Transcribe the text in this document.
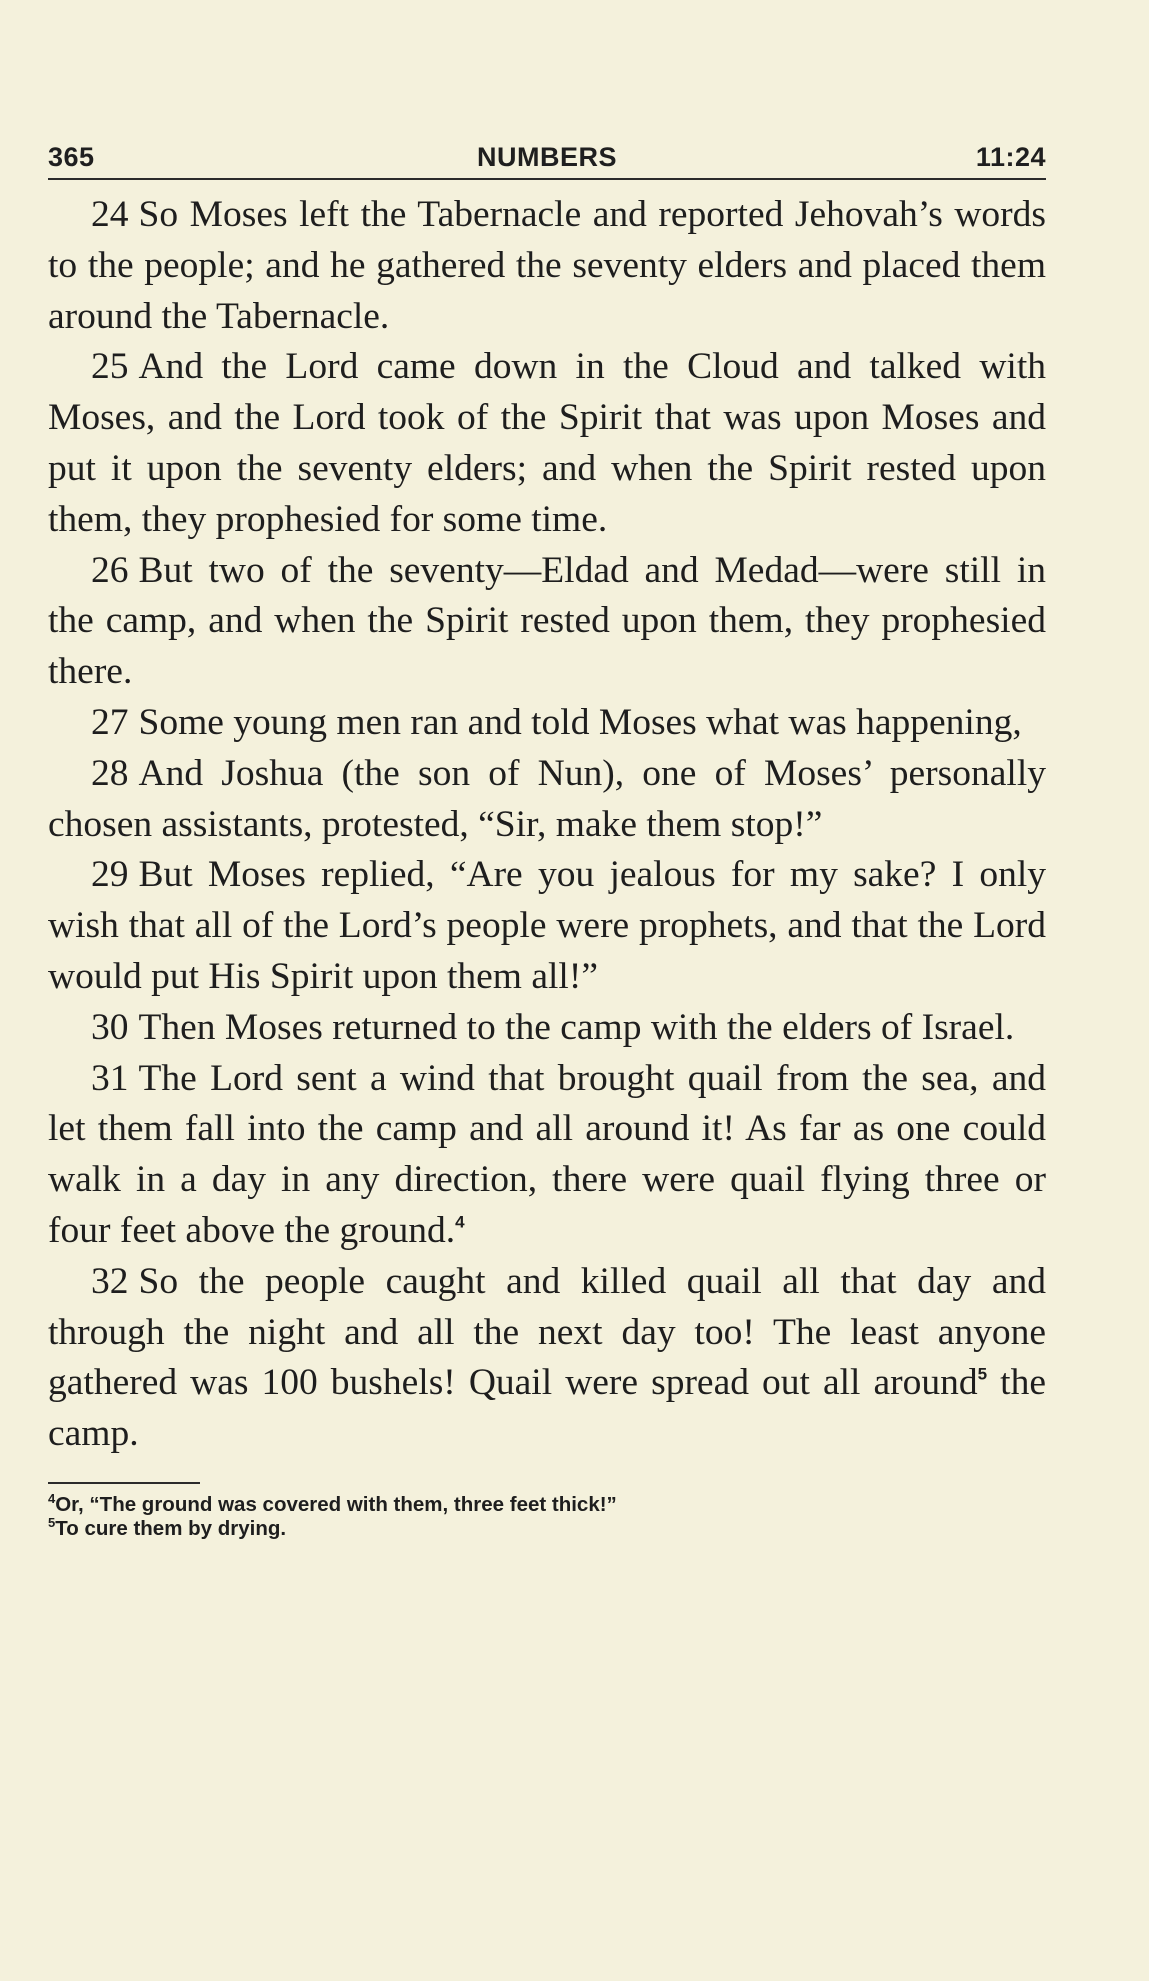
365	NUMBERS	11:24

24 So Moses left the Tabernacle and reported Jehovah’s words to the people; and he gathered the seventy elders and placed them around the Tabernacle.

25 And the Lord came down in the Cloud and talked with Moses, and the Lord took of the Spirit that was upon Moses and put it upon the seventy elders; and when the Spirit rested upon them, they prophesied for some time.

26 But two of the seventy—Eldad and Medad—were still in the camp, and when the Spirit rested upon them, they prophesied there.

27 Some young men ran and told Moses what was happening,

28 And Joshua (the son of Nun), one of Moses’ personally chosen assistants, protested, “Sir, make them stop!”

29 But Moses replied, “Are you jealous for my sake? I only wish that all of the Lord’s people were prophets, and that the Lord would put His Spirit upon them all!”

30 Then Moses returned to the camp with the elders of Israel.

31 The Lord sent a wind that brought quail from the sea, and let them fall into the camp and all around it! As far as one could walk in a day in any direction, there were quail flying three or four feet above the ground.$^4$

32 So the people caught and killed quail all that day and through the night and all the next day too! The least anyone gathered was 100 bushels! Quail were spread out all around$^5$ the camp.

$^4$Or, “The ground was covered with them, three feet thick!”

$^5$To cure them by drying.
